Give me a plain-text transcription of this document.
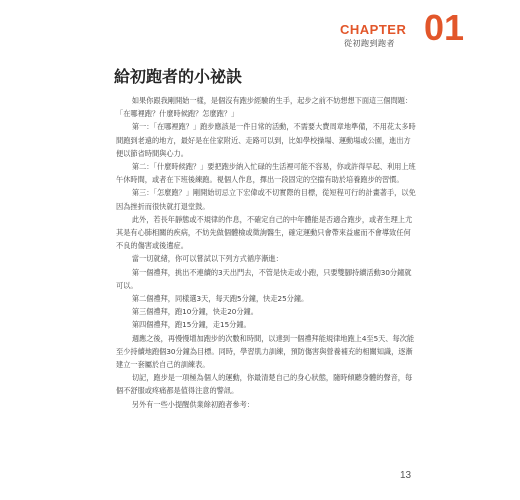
CHAPTER 01
從初跑到跑者
給初跑者的小祕訣

如果你跟我剛開始一樣，是個沒有跑步經驗的生手，起步之前不妨想想下面這三個問題：「在哪裡跑？什麼時候跑？怎麼跑？」

第一：「在哪裡跑？」跑步應該是一件日常的活動，不需要大費周章地準備，不用花太多時間跑到老遠的地方，最好是在住家附近、走路可以到，比如學校操場、運動場或公園，進出方便以節省時間與心力。

第二：「什麼時候跑？」要把跑步納入忙碌的生活裡可能不容易，你或許得早起、利用上班午休時間，或者在下班後練跑。視個人作息，擇出一段固定的空擋有助於培養跑步的習慣。

第三：「怎麼跑？」剛開始切忌立下宏偉或不切實際的目標，從短程可行的計畫著手，以免因為挫折而很快就打退堂鼓。

此外，若長年靜態或不規律的作息，不確定自己的中年體能是否適合跑步，或者生理上尤其是有心肺相關的疾病，不妨先做個體檢或徵詢醫生，確定運動只會帶來益處而不會導致任何不良的傷害或後遺症。

當一切就緒，你可以嘗試以下列方式循序漸進：

第一個禮拜，挑出不連續的3天出門去，不管是快走或小跑，只要雙腳持續活動30分鐘就可以。

第二個禮拜，同樣選3天，每天跑5分鐘，快走25分鐘。

第三個禮拜，跑10分鐘，快走20分鐘。

第四個禮拜，跑15分鐘，走15分鐘。

週應之後，再慢慢增加跑步的次數和時間，以達到一個禮拜能規律地跑上4至5天、每次能至少持續地跑個30分鐘為目標。同時，學習肌力訓練，預防傷害與營養補充的相關知識，逐漸建立一套屬於自己的訓練表。

切記，跑步是一項極為個人的運動，你最清楚自己的身心狀態，隨時傾聽身體的聲音，每個不舒服或疼痛都是值得注意的警訊。

另外有一些小提醒供業餘初跑者參考：

13
